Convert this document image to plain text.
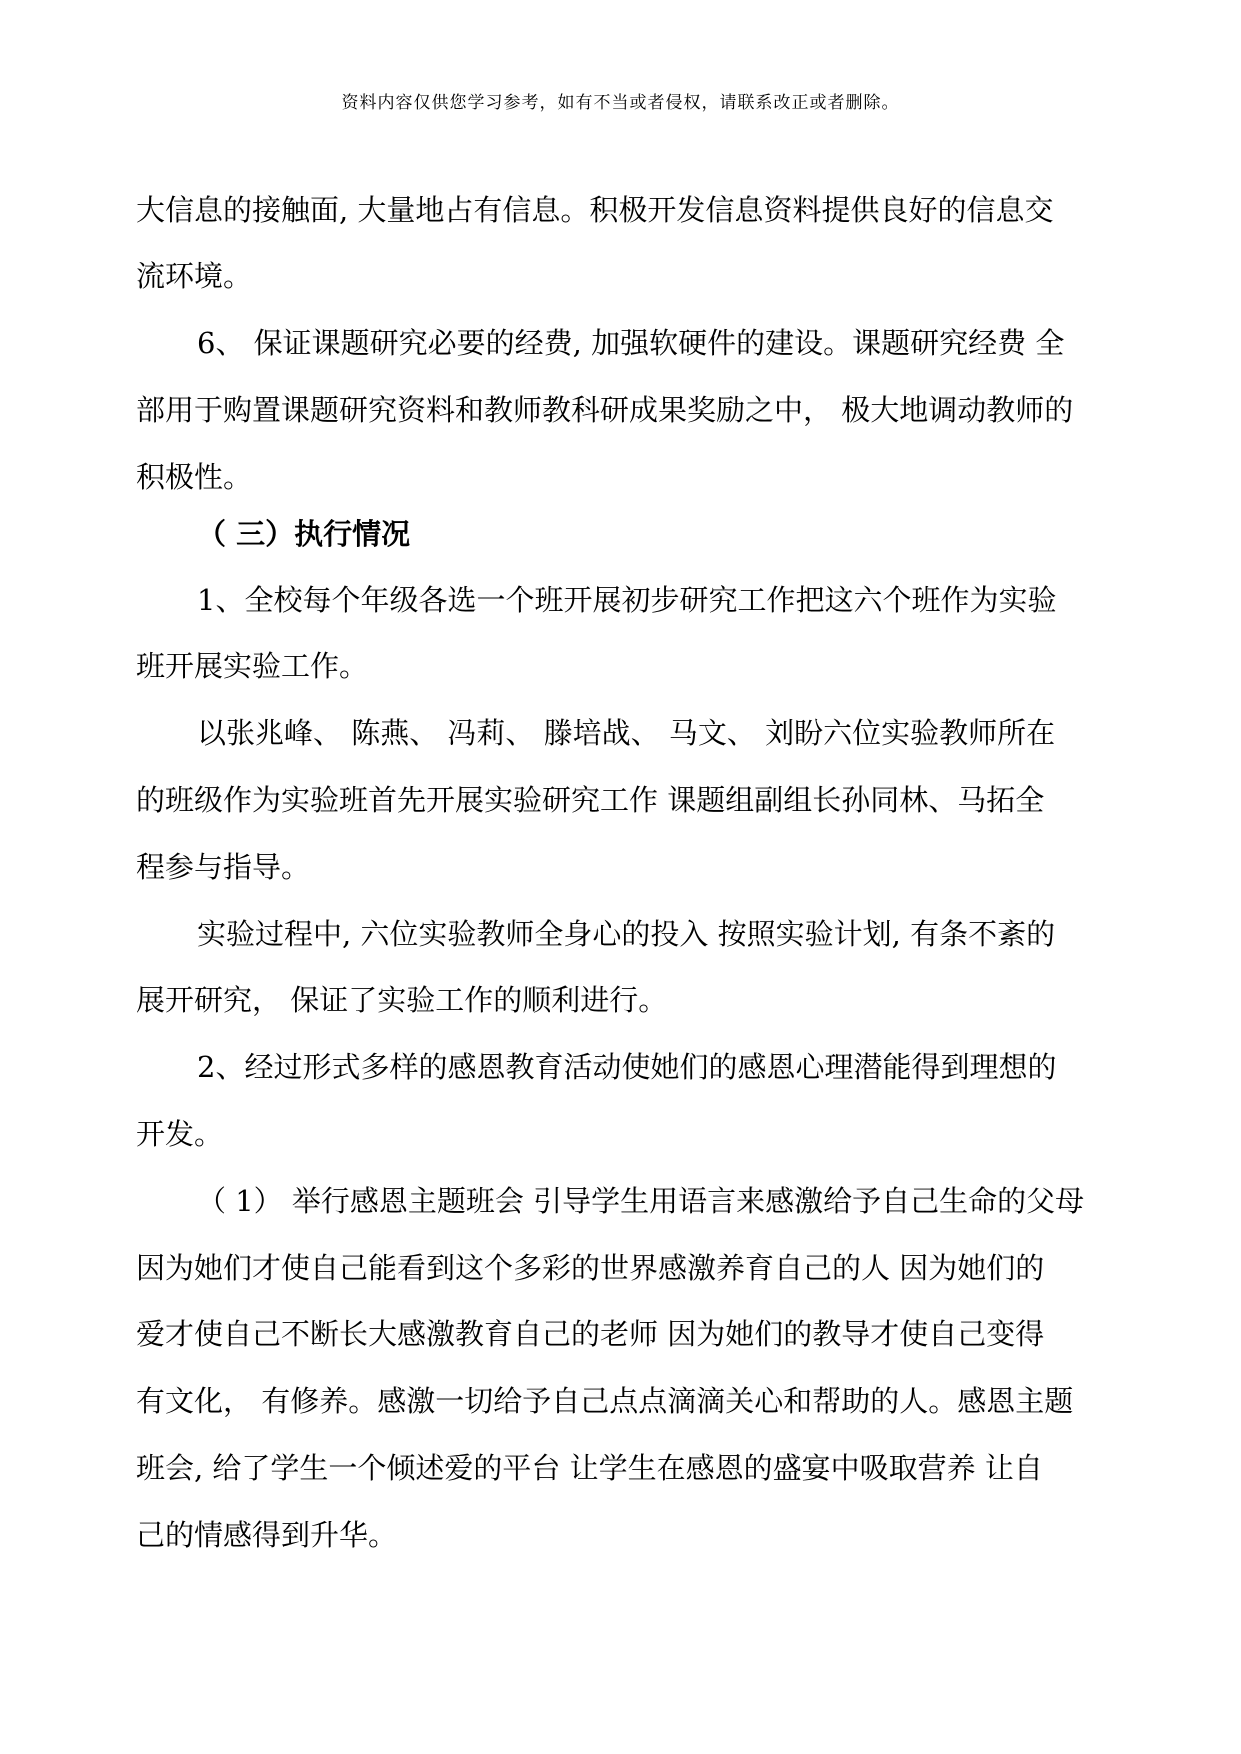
资料内容仅供您学习参考，如有不当或者侵权，请联系改正或者删除。
大信息的接触面, 大量地占有信息。积极开发信息资料提供良好的信息交
流环境。
6、 保证课题研究必要的经费, 加强软硬件的建设。课题研究经费 全
部用于购置课题研究资料和教师教科研成果奖励之中， 极大地调动教师的
积极性。
（ 三）执行情况
1、全校每个年级各选一个班开展初步研究工作把这六个班作为实验
班开展实验工作。
以张兆峰、 陈燕、 冯莉、 滕培战、 马文、 刘盼六位实验教师所在
的班级作为实验班首先开展实验研究工作 课题组副组长孙同林、马拓全
程参与指导。
实验过程中, 六位实验教师全身心的投入 按照实验计划, 有条不紊的
展开研究， 保证了实验工作的顺利进行。
2、经过形式多样的感恩教育活动使她们的感恩心理潜能得到理想的
开发。
（ 1） 举行感恩主题班会 引导学生用语言来感激给予自己生命的父母
因为她们才使自己能看到这个多彩的世界感激养育自己的人 因为她们的
爱才使自己不断长大感激教育自己的老师 因为她们的教导才使自己变得
有文化， 有修养。感激一切给予自己点点滴滴关心和帮助的人。感恩主题
班会, 给了学生一个倾述爱的平台 让学生在感恩的盛宴中吸取营养 让自
己的情感得到升华。
